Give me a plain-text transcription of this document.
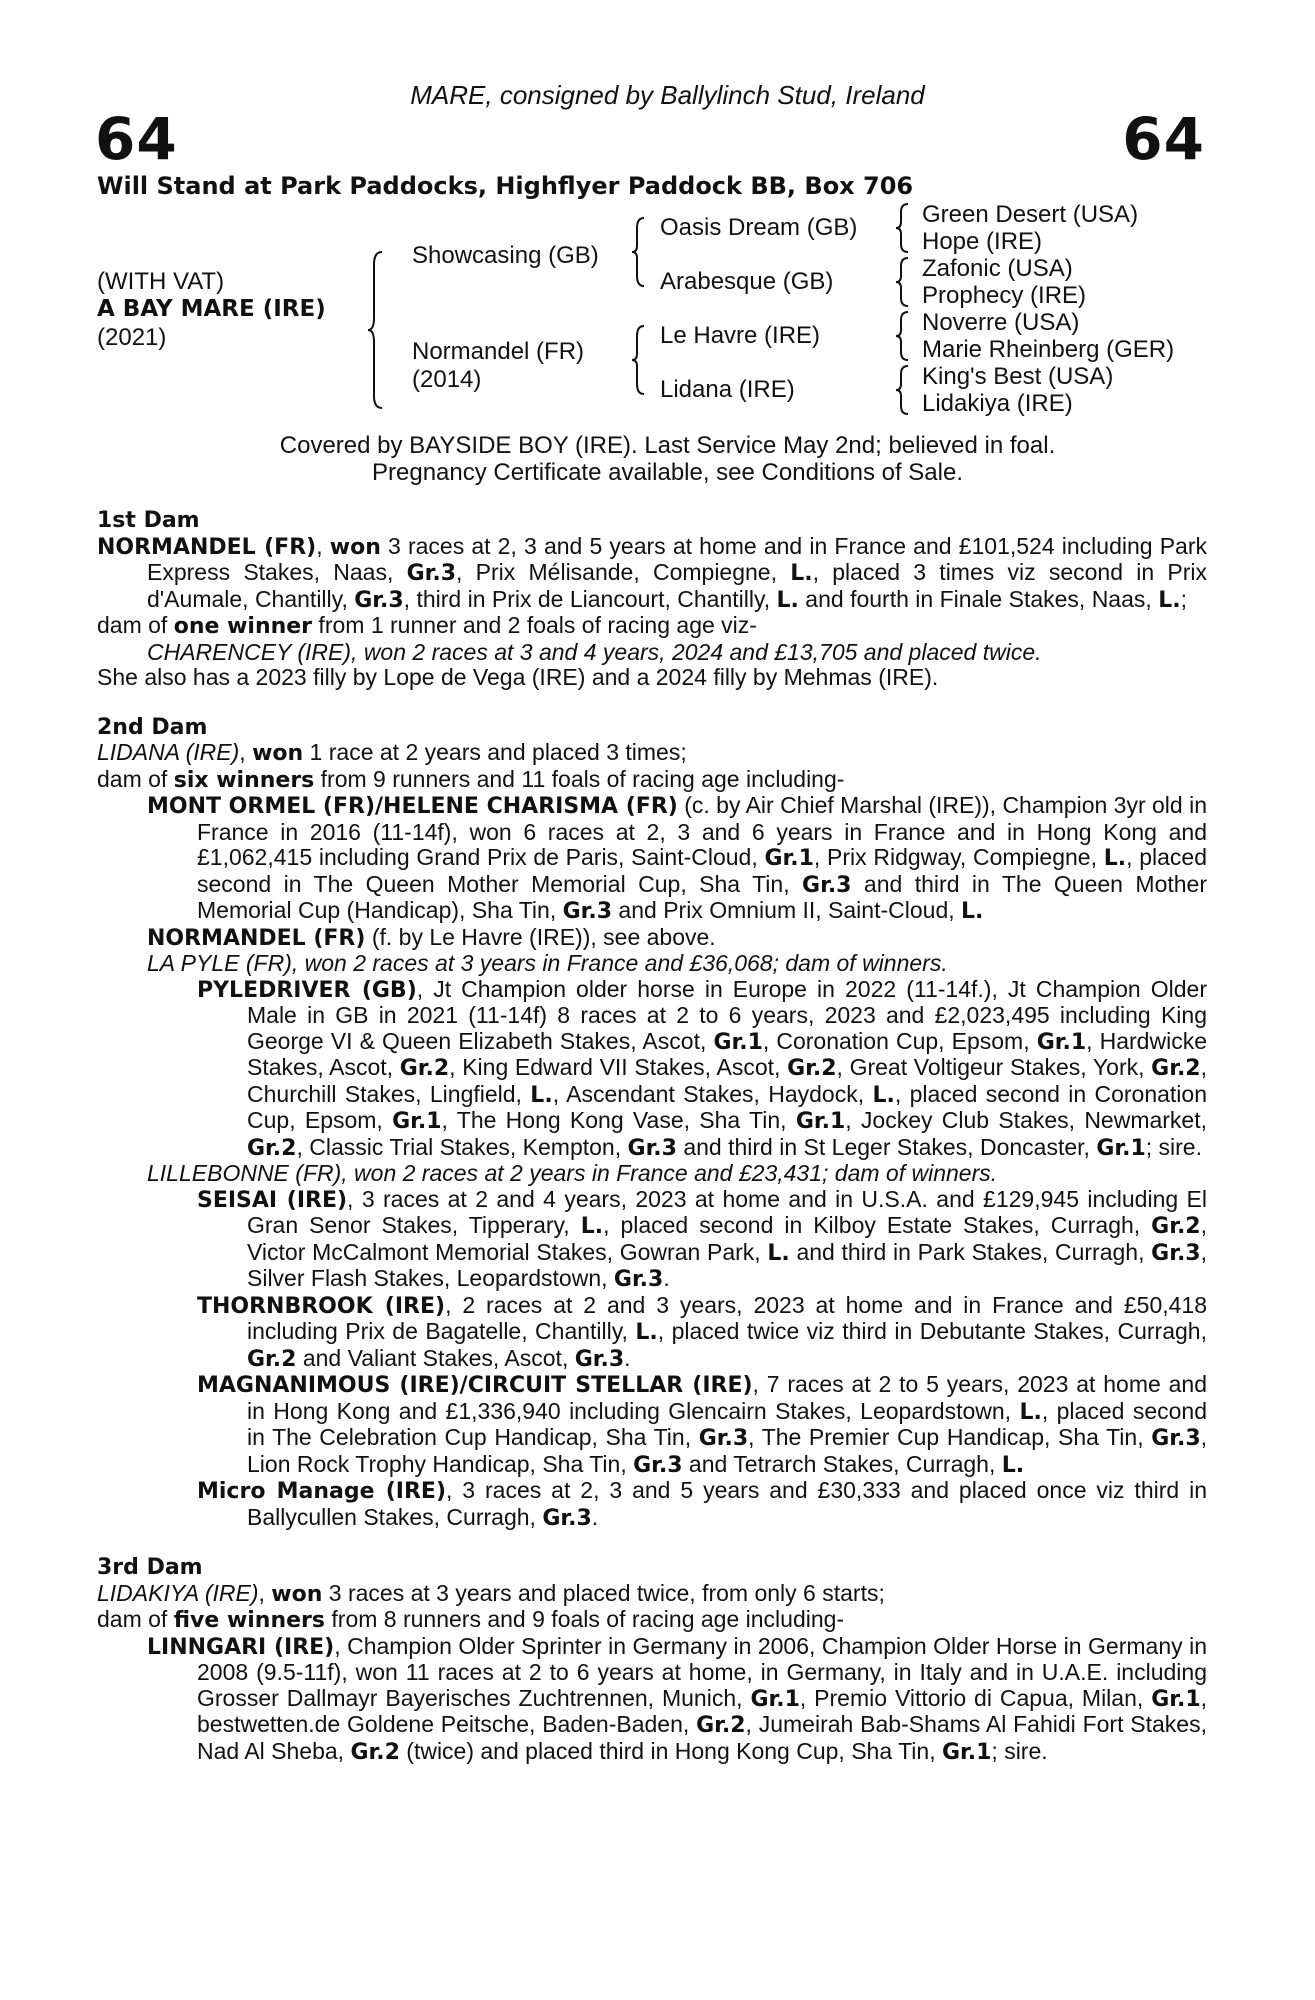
MARE, consigned by Ballylinch Stud, Ireland
64	64
Will Stand at Park Paddocks, Highflyer Paddock BB, Box 706
(WITH VAT)
A BAY MARE (IRE)
(2021)
Showcasing (GB)
Normandel (FR)
(2014)
Oasis Dream (GB)
Arabesque (GB)
Le Havre (IRE)
Lidana (IRE)
Green Desert (USA)
Hope (IRE)
Zafonic (USA)
Prophecy (IRE)
Noverre (USA)
Marie Rheinberg (GER)
King's Best (USA)
Lidakiya (IRE)
Covered by BAYSIDE BOY (IRE). Last Service May 2nd; believed in foal.
Pregnancy Certificate available, see Conditions of Sale.
1st Dam

NORMANDEL (FR), won 3 races at 2, 3 and 5 years at home and in France and £101,524 including Park Express Stakes, Naas, Gr.3, Prix Mélisande, Compiegne, L., placed 3 times viz second in Prix d'Aumale, Chantilly, Gr.3, third in Prix de Liancourt, Chantilly, L. and fourth in Finale Stakes, Naas, L.;

dam of one winner from 1 runner and 2 foals of racing age viz-

CHARENCEY (IRE), won 2 races at 3 and 4 years, 2024 and £13,705 and placed twice.

She also has a 2023 filly by Lope de Vega (IRE) and a 2024 filly by Mehmas (IRE).

2nd Dam

LIDANA (IRE), won 1 race at 2 years and placed 3 times;

dam of six winners from 9 runners and 11 foals of racing age including-

MONT ORMEL (FR)/HELENE CHARISMA (FR) (c. by Air Chief Marshal (IRE)), Champion 3yr old in France in 2016 (11-14f), won 6 races at 2, 3 and 6 years in France and in Hong Kong and £1,062,415 including Grand Prix de Paris, Saint-Cloud, Gr.1, Prix Ridgway, Compiegne, L., placed second in The Queen Mother Memorial Cup, Sha Tin, Gr.3 and third in The Queen Mother Memorial Cup (Handicap), Sha Tin, Gr.3 and Prix Omnium II, Saint-Cloud, L.

NORMANDEL (FR) (f. by Le Havre (IRE)), see above.

LA PYLE (FR), won 2 races at 3 years in France and £36,068; dam of winners.

PYLEDRIVER (GB), Jt Champion older horse in Europe in 2022 (11-14f.), Jt Champion Older Male in GB in 2021 (11-14f) 8 races at 2 to 6 years, 2023 and £2,023,495 including King George VI & Queen Elizabeth Stakes, Ascot, Gr.1, Coronation Cup, Epsom, Gr.1, Hardwicke Stakes, Ascot, Gr.2, King Edward VII Stakes, Ascot, Gr.2, Great Voltigeur Stakes, York, Gr.2, Churchill Stakes, Lingfield, L., Ascendant Stakes, Haydock, L., placed second in Coronation Cup, Epsom, Gr.1, The Hong Kong Vase, Sha Tin, Gr.1, Jockey Club Stakes, Newmarket, Gr.2, Classic Trial Stakes, Kempton, Gr.3 and third in St Leger Stakes, Doncaster, Gr.1; sire.

LILLEBONNE (FR), won 2 races at 2 years in France and £23,431; dam of winners.

SEISAI (IRE), 3 races at 2 and 4 years, 2023 at home and in U.S.A. and £129,945 including El Gran Senor Stakes, Tipperary, L., placed second in Kilboy Estate Stakes, Curragh, Gr.2, Victor McCalmont Memorial Stakes, Gowran Park, L. and third in Park Stakes, Curragh, Gr.3, Silver Flash Stakes, Leopardstown, Gr.3.

THORNBROOK (IRE), 2 races at 2 and 3 years, 2023 at home and in France and £50,418 including Prix de Bagatelle, Chantilly, L., placed twice viz third in Debutante Stakes, Curragh, Gr.2 and Valiant Stakes, Ascot, Gr.3.

MAGNANIMOUS (IRE)/CIRCUIT STELLAR (IRE), 7 races at 2 to 5 years, 2023 at home and in Hong Kong and £1,336,940 including Glencairn Stakes, Leopardstown, L., placed second in The Celebration Cup Handicap, Sha Tin, Gr.3, The Premier Cup Handicap, Sha Tin, Gr.3, Lion Rock Trophy Handicap, Sha Tin, Gr.3 and Tetrarch Stakes, Curragh, L.

Micro Manage (IRE), 3 races at 2, 3 and 5 years and £30,333 and placed once viz third in Ballycullen Stakes, Curragh, Gr.3.

3rd Dam

LIDAKIYA (IRE), won 3 races at 3 years and placed twice, from only 6 starts;

dam of five winners from 8 runners and 9 foals of racing age including-

LINNGARI (IRE), Champion Older Sprinter in Germany in 2006, Champion Older Horse in Germany in 2008 (9.5-11f), won 11 races at 2 to 6 years at home, in Germany, in Italy and in U.A.E. including Grosser Dallmayr Bayerisches Zuchtrennen, Munich, Gr.1, Premio Vittorio di Capua, Milan, Gr.1, bestwetten.de Goldene Peitsche, Baden-Baden, Gr.2, Jumeirah Bab-Shams Al Fahidi Fort Stakes, Nad Al Sheba, Gr.2 (twice) and placed third in Hong Kong Cup, Sha Tin, Gr.1; sire.
